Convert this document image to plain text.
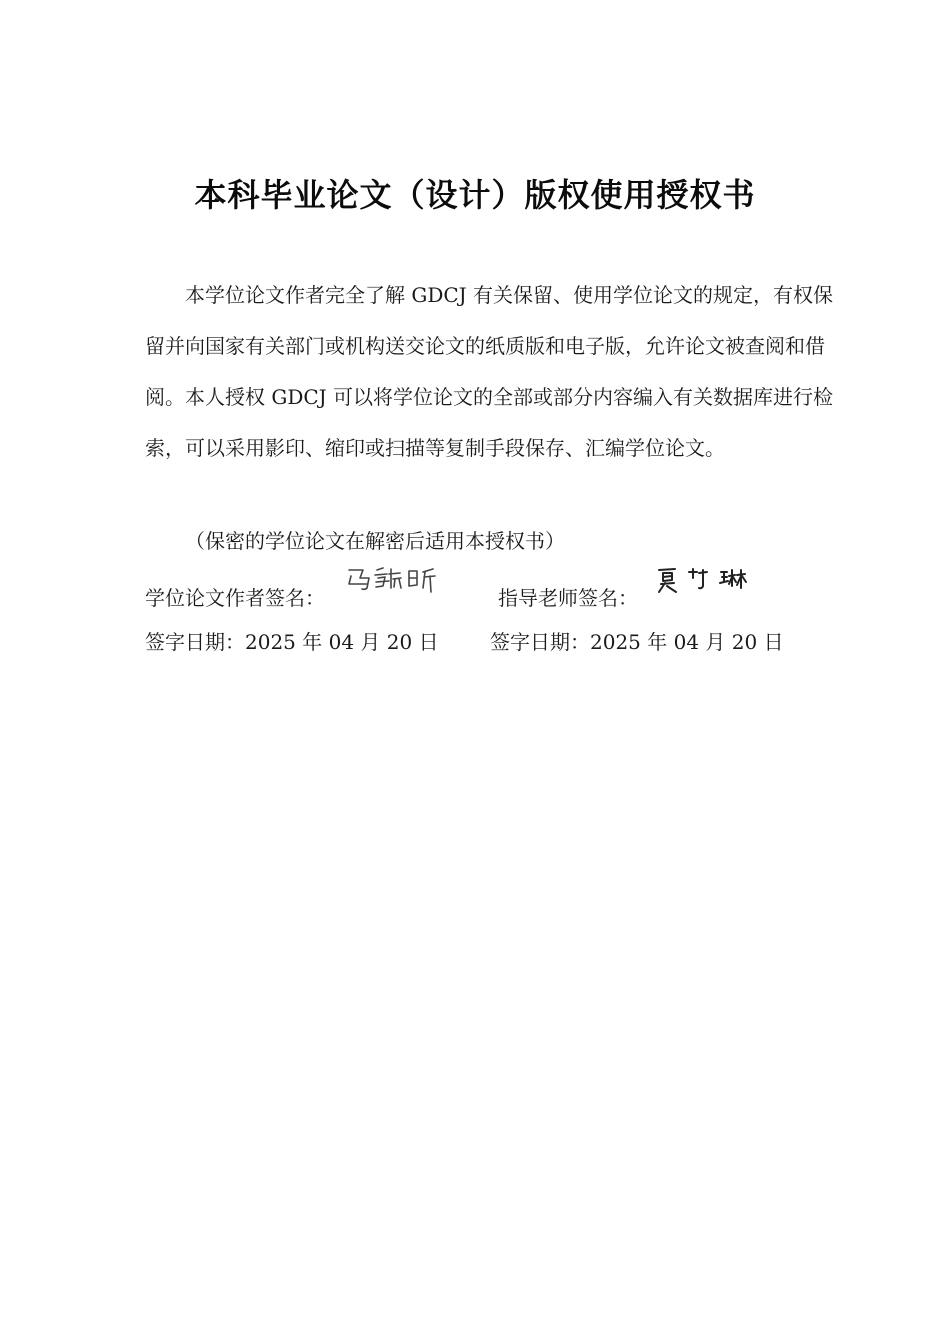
本科毕业论文（设计）版权使用授权书

本学位论文作者完全了解 GDCJ 有关保留、使用学位论文的规定，有权保留并向国家有关部门或机构送交论文的纸质版和电子版，允许论文被查阅和借阅。本人授权 GDCJ 可以将学位论文的全部或部分内容编入有关数据库进行检索，可以采用影印、缩印或扫描等复制手段保存、汇编学位论文。

（保密的学位论文在解密后适用本授权书）

学位论文作者签名：	指导老师签名：
签字日期：2025 年 04 月 20 日	签字日期：2025 年 04 月 20 日
